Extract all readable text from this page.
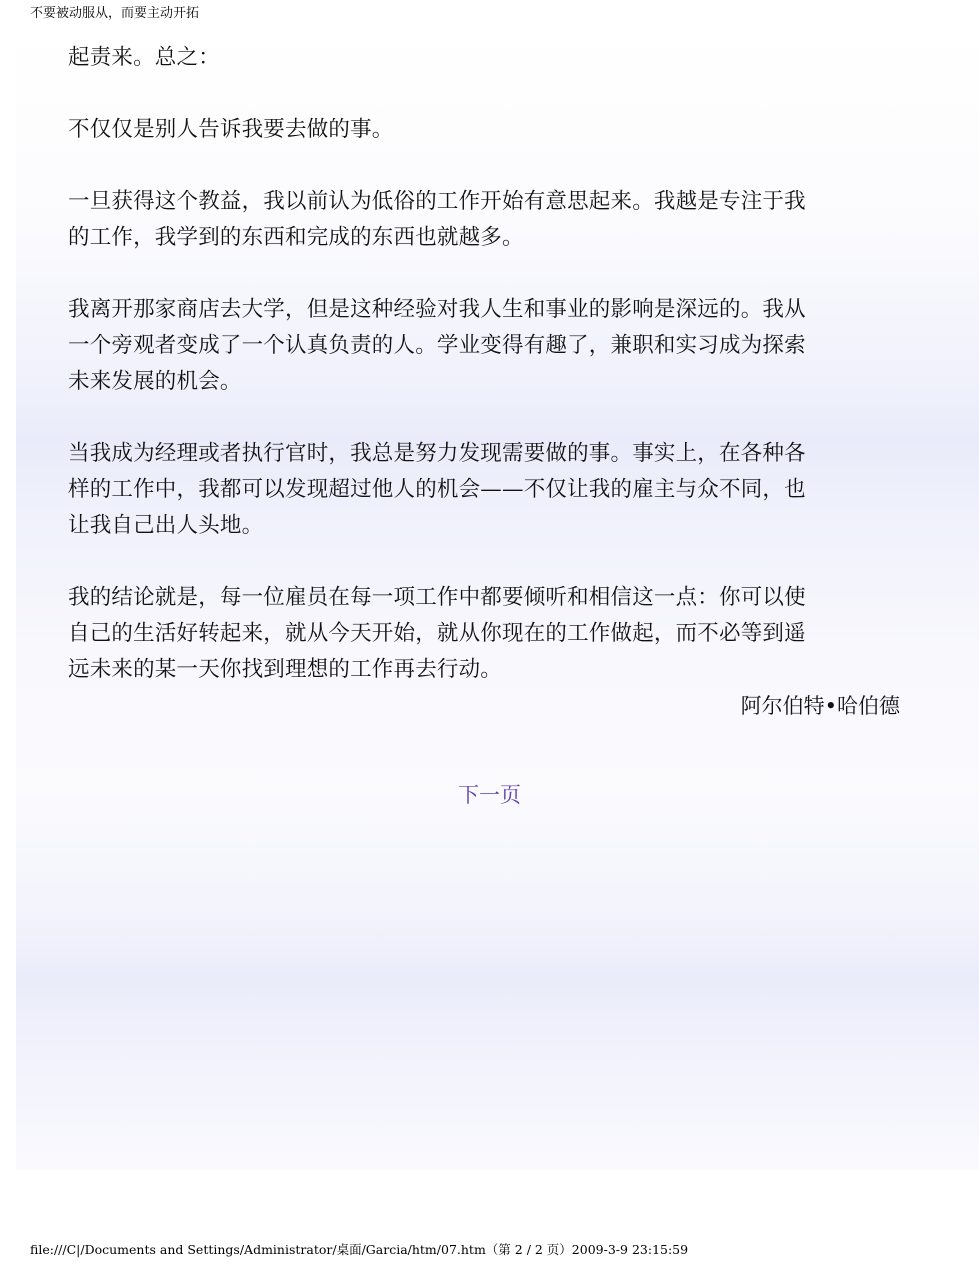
不要被动服从，而要主动开拓

起责来。总之：

不仅仅是别人告诉我要去做的事。

一旦获得这个教益，我以前认为低俗的工作开始有意思起来。我越是专注于我
的工作，我学到的东西和完成的东西也就越多。

我离开那家商店去大学，但是这种经验对我人生和事业的影响是深远的。我从
一个旁观者变成了一个认真负责的人。学业变得有趣了，兼职和实习成为探索
未来发展的机会。

当我成为经理或者执行官时，我总是努力发现需要做的事。事实上，在各种各
样的工作中，我都可以发现超过他人的机会——不仅让我的雇主与众不同，也
让我自己出人头地。

我的结论就是，每一位雇员在每一项工作中都要倾听和相信这一点：你可以使
自己的生活好转起来，就从今天开始，就从你现在的工作做起，而不必等到遥
远未来的某一天你找到理想的工作再去行动。

阿尔伯特•哈伯德
下一页
file:///C|/Documents and Settings/Administrator/桌面/Garcia/htm/07.htm（第 2 / 2 页）2009-3-9 23:15:59
